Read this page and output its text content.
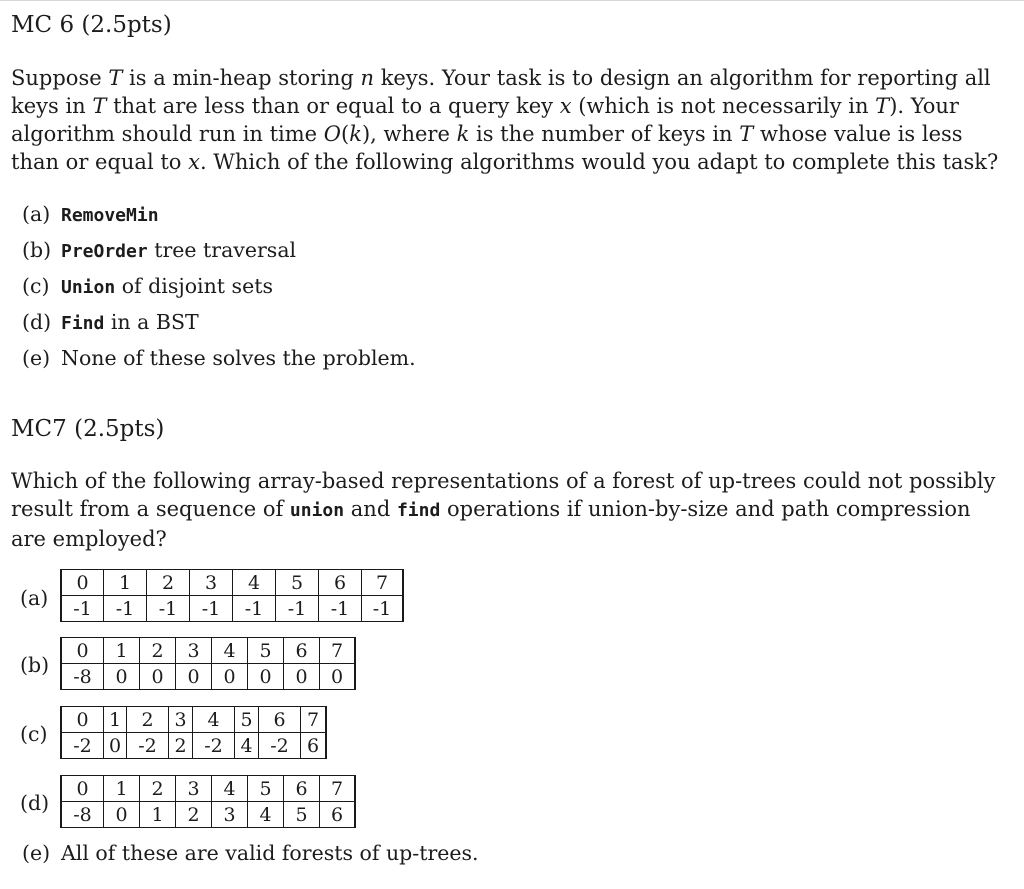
MC 6 (2.5pts)
Suppose T is a min-heap storing n keys. Your task is to design an algorithm for reporting all
keys in T that are less than or equal to a query key x (which is not necessarily in T). Your
algorithm should run in time O(k), where k is the number of keys in T whose value is less
than or equal to x. Which of the following algorithms would you adapt to complete this task?
(a) RemoveMin
(b) PreOrder tree traversal
(c) Union of disjoint sets
(d) Find in a BST
(e) None of these solves the problem.
MC7 (2.5pts)
Which of the following array-based representations of a forest of up-trees could not possibly
result from a sequence of union and find operations if union-by-size and path compression
are employed?
(a)
0	1	2	3	4	5	6	7
-1	-1	-1	-1	-1	-1	-1	-1
(b)
0	1	2	3	4	5	6	7
-8	0	0	0	0	0	0	0
(c)
0	1	2	3	4	5	6	7
-2	0	-2	2	-2	4	-2	6
(d)
0	1	2	3	4	5	6	7
-8	0	1	2	3	4	5	6
(e) All of these are valid forests of up-trees.
